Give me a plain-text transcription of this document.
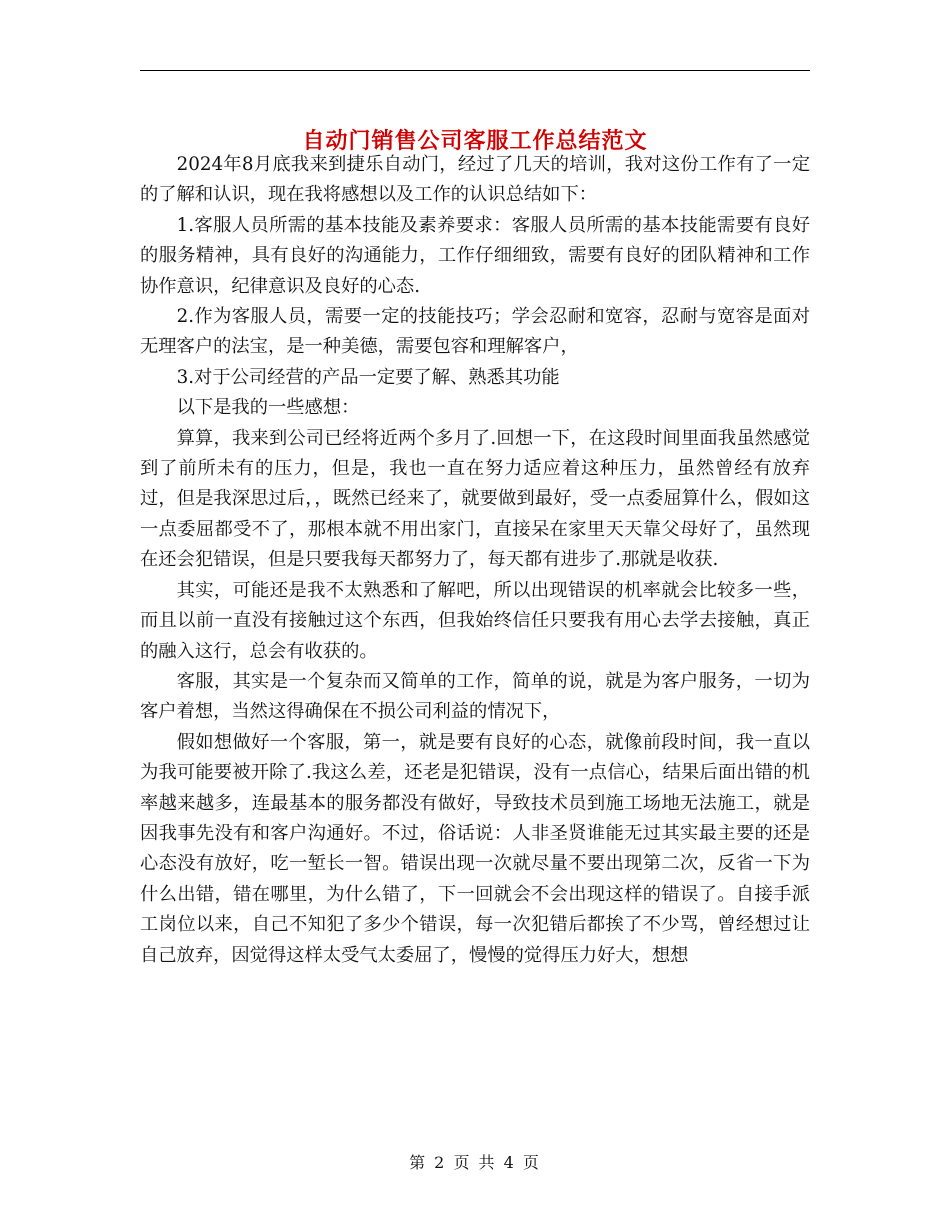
自动门销售公司客服工作总结范文

2024年8月底我来到捷乐自动门，经过了几天的培训，我对这份工作有了一定的了解和认识，现在我将感想以及工作的认识总结如下：

1.客服人员所需的基本技能及素养要求：客服人员所需的基本技能需要有良好的服务精神，具有良好的沟通能力，工作仔细细致，需要有良好的团队精神和工作协作意识，纪律意识及良好的心态.

2.作为客服人员，需要一定的技能技巧；学会忍耐和宽容，忍耐与宽容是面对无理客户的法宝，是一种美德，需要包容和理解客户，

3.对于公司经营的产品一定要了解、熟悉其功能

以下是我的一些感想：

算算，我来到公司已经将近两个多月了.回想一下，在这段时间里面我虽然感觉到了前所未有的压力，但是，我也一直在努力适应着这种压力，虽然曾经有放弃过，但是我深思过后，，既然已经来了，就要做到最好，受一点委屈算什么，假如这一点委屈都受不了，那根本就不用出家门，直接呆在家里天天靠父母好了，虽然现在还会犯错误，但是只要我每天都努力了，每天都有进步了.那就是收获.

其实，可能还是我不太熟悉和了解吧，所以出现错误的机率就会比较多一些，而且以前一直没有接触过这个东西，但我始终信任只要我有用心去学去接触，真正的融入这行，总会有收获的。

客服，其实是一个复杂而又简单的工作，简单的说，就是为客户服务，一切为客户着想，当然这得确保在不损公司利益的情况下，

假如想做好一个客服，第一，就是要有良好的心态，就像前段时间，我一直以为我可能要被开除了.我这么差，还老是犯错误，没有一点信心，结果后面出错的机率越来越多，连最基本的服务都没有做好，导致技术员到施工场地无法施工，就是因我事先没有和客户沟通好。不过，俗话说：人非圣贤谁能无过其实最主要的还是心态没有放好，吃一堑长一智。错误出现一次就尽量不要出现第二次，反省一下为什么出错，错在哪里，为什么错了，下一回就会不会出现这样的错误了。自接手派工岗位以来，自己不知犯了多少个错误，每一次犯错后都挨了不少骂，曾经想过让自己放弃，因觉得这样太受气太委屈了，慢慢的觉得压力好大，想想

第 2 页 共 4 页
